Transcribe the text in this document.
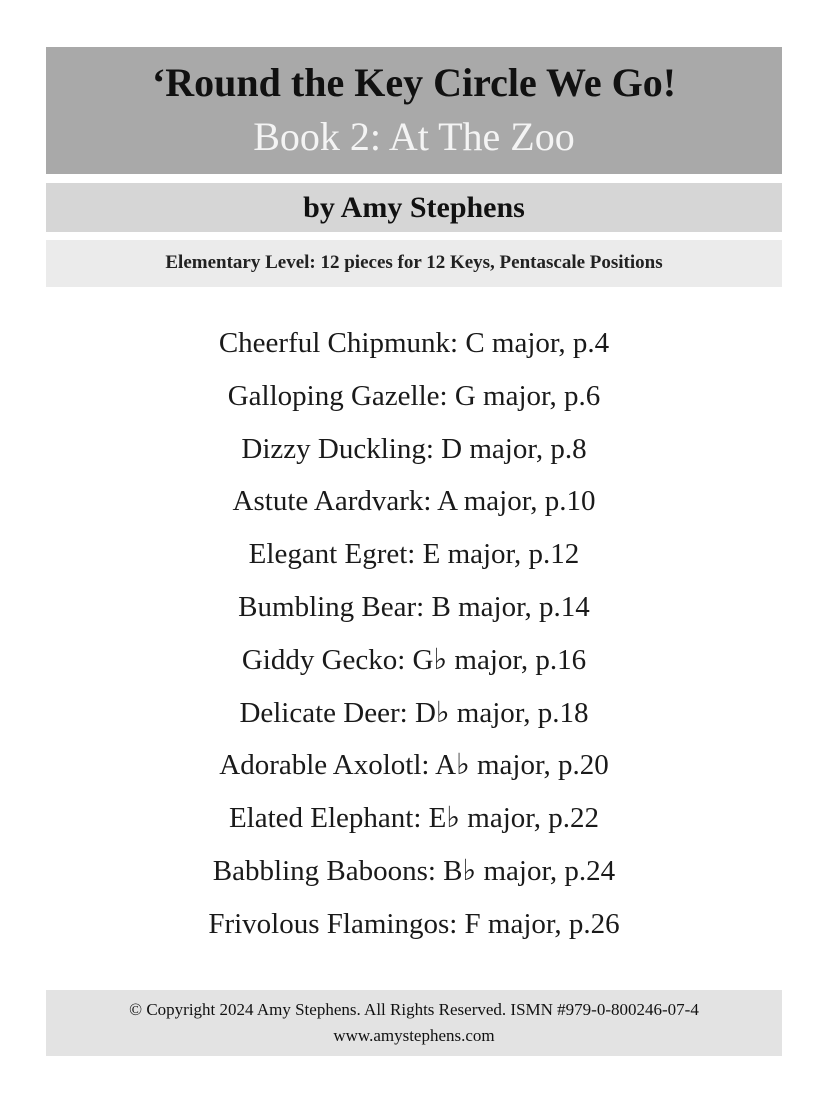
‘Round the Key Circle We Go!
Book 2: At The Zoo
by Amy Stephens
Elementary Level: 12 pieces for 12 Keys, Pentascale Positions
Cheerful Chipmunk: C major, p.4
Galloping Gazelle: G major, p.6
Dizzy Duckling: D major, p.8
Astute Aardvark: A major, p.10
Elegant Egret: E major, p.12
Bumbling Bear: B major, p.14
Giddy Gecko: G♭ major, p.16
Delicate Deer: D♭ major, p.18
Adorable Axolotl: A♭ major, p.20
Elated Elephant: E♭ major, p.22
Babbling Baboons: B♭ major, p.24
Frivolous Flamingos: F major, p.26
© Copyright 2024 Amy Stephens. All Rights Reserved. ISMN #979-0-800246-07-4
www.amystephens.com
